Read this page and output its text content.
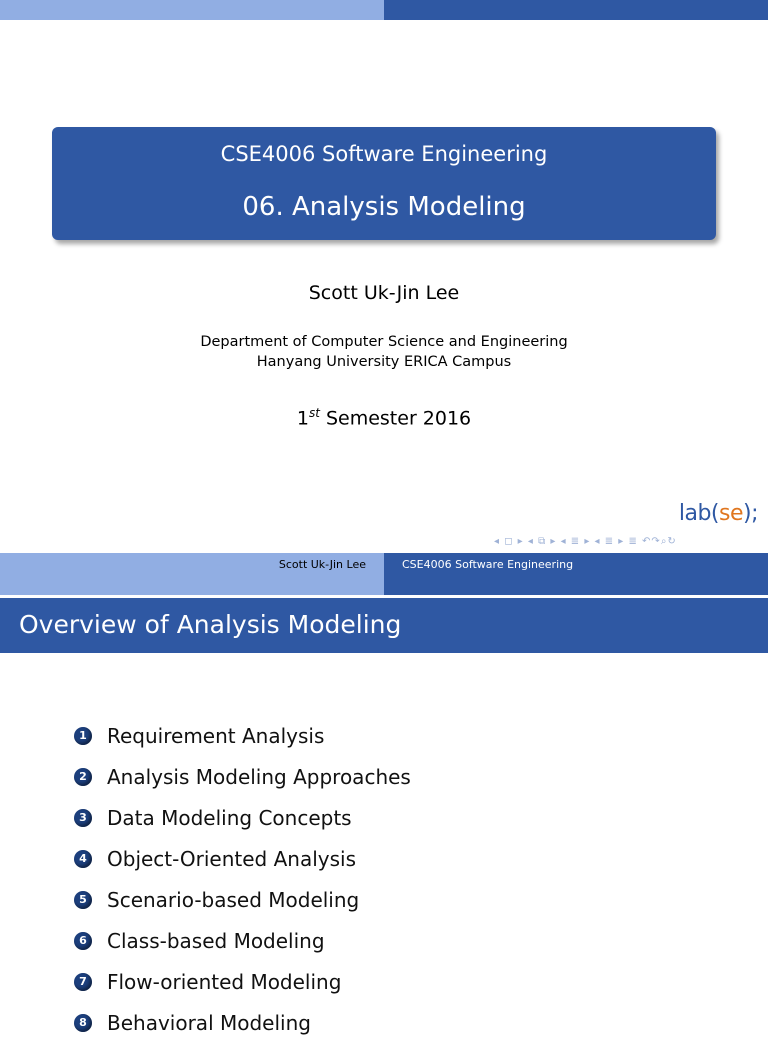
CSE4006 Software Engineering
06. Analysis Modeling
Scott Uk-Jin Lee
Department of Computer Science and Engineering
Hanyang University ERICA Campus
1st Semester 2016
lab(se);
◂ ◻ ▸ ◂ ⧉ ▸ ◂ ≣ ▸ ◂ ≣ ▸ ≣ ↶↷⌕↻
Scott Uk-Jin Lee	CSE4006 Software Engineering
Overview of Analysis Modeling
1 Requirement Analysis
2 Analysis Modeling Approaches
3 Data Modeling Concepts
4 Object-Oriented Analysis
5 Scenario-based Modeling
6 Class-based Modeling
7 Flow-oriented Modeling
8 Behavioral Modeling
